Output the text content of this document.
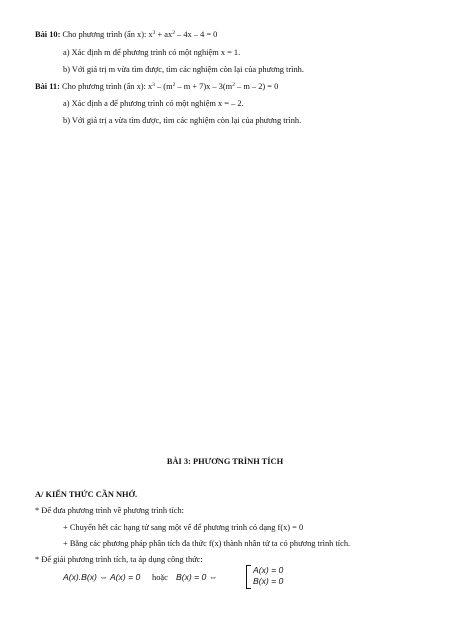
Bài 10: Cho phương trình (ẩn x): $x^3 + ax^2 - 4x - 4 = 0$
a) Xác định m để phương trình có một nghiệm x = 1.
b) Với giá trị m vừa tìm được, tìm các nghiệm còn lại của phương trình.
Bài 11: Cho phương trình (ẩn x): $x^3 - (m^2 - m + 7)x - 3(m^2 - m - 2) = 0$
a) Xác định a để phương trình có một nghiệm x = – 2.
b) Với giá trị a vừa tìm được, tìm các nghiệm còn lại của phương trình.
BÀI 3: PHƯƠNG TRÌNH TÍCH
A/ KIẾN THỨC CẦN NHỚ.
* Để đưa phương trình về phương trình tích:
+ Chuyển hết các hạng tử sang một vế để phương trình có dạng f(x) = 0
+ Bằng các phương pháp phân tích đa thức f(x) thành nhân tử ta có phương trình tích.
* Để giải phương trình tích, ta áp dụng công thức:
A(x).B(x) ⇔ A(x) = 0 hoặc B(x) = 0 ⇔
A(x) = 0
B(x) = 0
